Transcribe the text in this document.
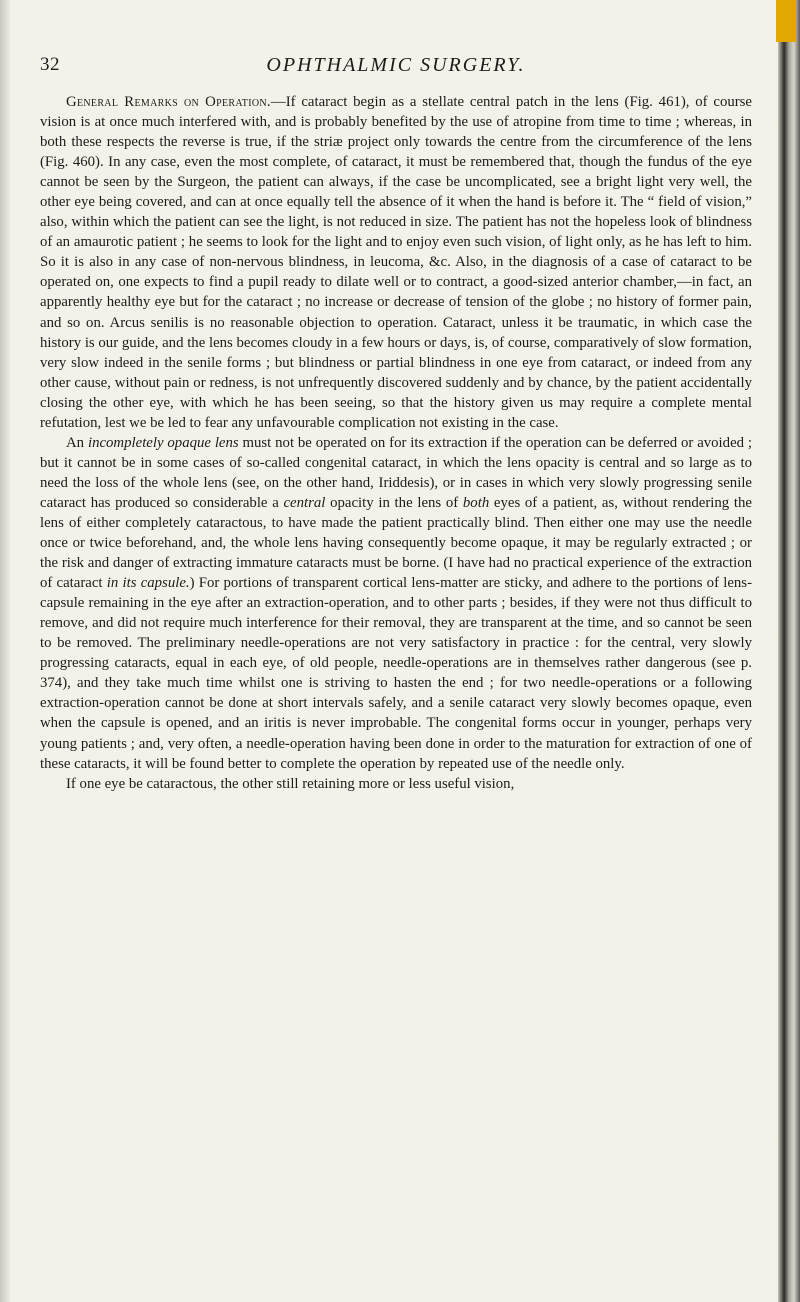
32	OPHTHALMIC SURGERY.

General Remarks on Operation.—If cataract begin as a stellate central patch in the lens (Fig. 461), of course vision is at once much interfered with, and is probably benefited by the use of atropine from time to time ; whereas, in both these respects the reverse is true, if the striæ project only towards the centre from the circumference of the lens (Fig. 460). In any case, even the most complete, of cataract, it must be remembered that, though the fundus of the eye cannot be seen by the Surgeon, the patient can always, if the case be uncomplicated, see a bright light very well, the other eye being covered, and can at once equally tell the absence of it when the hand is before it. The “ field of vision,” also, within which the patient can see the light, is not reduced in size. The patient has not the hopeless look of blindness of an amaurotic patient ; he seems to look for the light and to enjoy even such vision, of light only, as he has left to him. So it is also in any case of non-nervous blindness, in leucoma, &c. Also, in the diagnosis of a case of cataract to be operated on, one expects to find a pupil ready to dilate well or to contract, a good-sized anterior chamber,—in fact, an apparently healthy eye but for the cataract ; no increase or decrease of tension of the globe ; no history of former pain, and so on. Arcus senilis is no reasonable objection to operation. Cataract, unless it be traumatic, in which case the history is our guide, and the lens becomes cloudy in a few hours or days, is, of course, comparatively of slow formation, very slow indeed in the senile forms ; but blindness or partial blindness in one eye from cataract, or indeed from any other cause, without pain or redness, is not unfrequently discovered suddenly and by chance, by the patient accidentally closing the other eye, with which he has been seeing, so that the history given us may require a complete mental refutation, lest we be led to fear any unfavourable complication not existing in the case.

An incompletely opaque lens must not be operated on for its extraction if the operation can be deferred or avoided ; but it cannot be in some cases of so-called congenital cataract, in which the lens opacity is central and so large as to need the loss of the whole lens (see, on the other hand, Iriddesis), or in cases in which very slowly progressing senile cataract has produced so considerable a central opacity in the lens of both eyes of a patient, as, without rendering the lens of either completely cataractous, to have made the patient practically blind. Then either one may use the needle once or twice beforehand, and, the whole lens having consequently become opaque, it may be regularly extracted ; or the risk and danger of extracting immature cataracts must be borne. (I have had no practical experience of the extraction of cataract in its capsule.) For portions of transparent cortical lens-matter are sticky, and adhere to the portions of lens-capsule remaining in the eye after an extraction-operation, and to other parts ; besides, if they were not thus difficult to remove, and did not require much interference for their removal, they are transparent at the time, and so cannot be seen to be removed. The preliminary needle-operations are not very satisfactory in practice : for the central, very slowly progressing cataracts, equal in each eye, of old people, needle-operations are in themselves rather dangerous (see p. 374), and they take much time whilst one is striving to hasten the end ; for two needle-operations or a following extraction-operation cannot be done at short intervals safely, and a senile cataract very slowly becomes opaque, even when the capsule is opened, and an iritis is never improbable. The congenital forms occur in younger, perhaps very young patients ; and, very often, a needle-operation having been done in order to the maturation for extraction of one of these cataracts, it will be found better to complete the operation by repeated use of the needle only.

If one eye be cataractous, the other still retaining more or less useful vision,
